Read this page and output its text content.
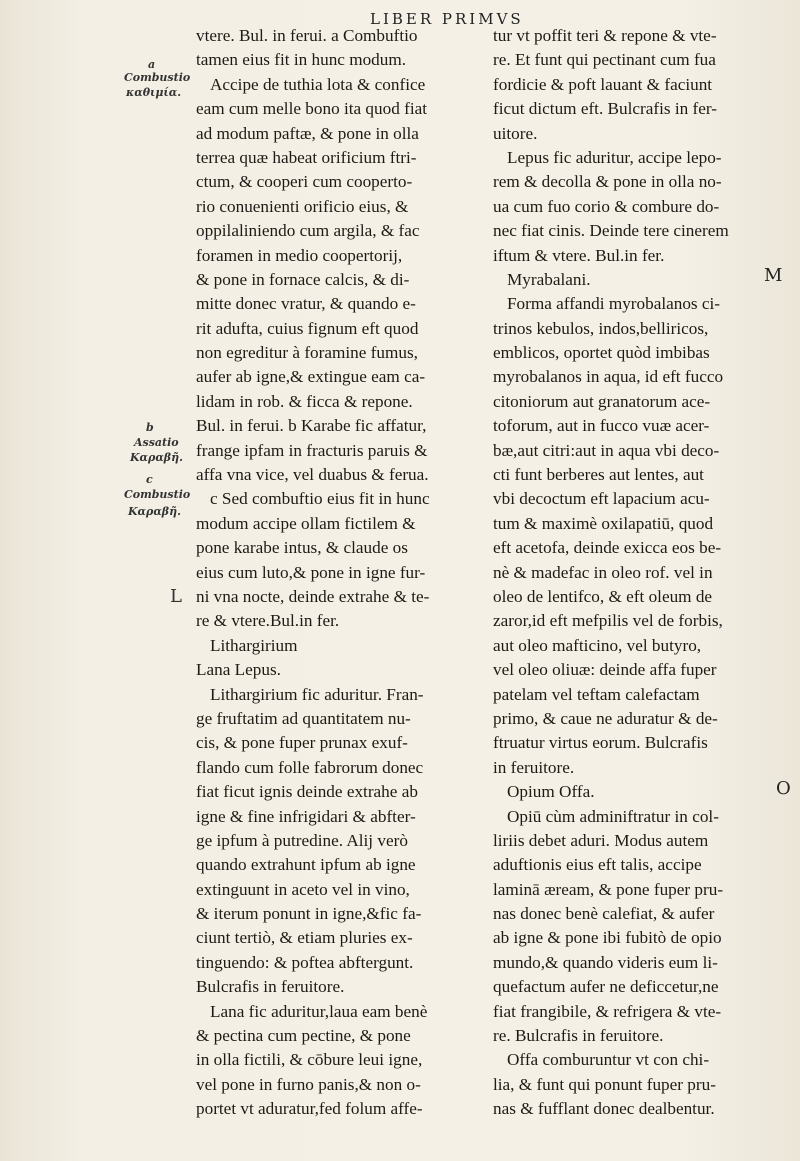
LIBER PRIMVS
a
Combustio
καθιμία.
b
Assatio
Καραβῆ.
c
Combustio
Καραβῆ.
L
M
O
vtere. Bul. in ferui. a Combuftio
tamen eius fit in hunc modum.
Accipe de tuthia lota & confice
eam cum melle bono ita quod fiat
ad modum paftæ, & pone in olla
terrea quæ habeat orificium ftri-
ctum, & cooperi cum cooperto-
rio conuenienti orificio eius, &
oppilaliniendo cum argila, & fac
foramen in medio coopertorij,
& pone in fornace calcis, & di-
mitte donec vratur, & quando e-
rit adufta, cuius fignum eft quod
non egreditur à foramine fumus,
aufer ab igne,& extingue eam ca-
lidam in rob. & ficca & repone.
Bul. in ferui. b Karabe fic affatur,
frange ipfam in fracturis paruis &
affa vna vice, vel duabus & ferua.
c Sed combuftio eius fit in hunc
modum accipe ollam fictilem &
pone karabe intus, & claude os
eius cum luto,& pone in igne fur-
ni vna nocte, deinde extrahe & te-
re & vtere.Bul.in fer.
Lithargirium
Lana Lepus.
Lithargirium fic aduritur. Fran-
ge fruftatim ad quantitatem nu-
cis, & pone fuper prunax exuf-
flando cum folle fabrorum donec
fiat ficut ignis deinde extrahe ab
igne & fine infrigidari & abfter-
ge ipfum à putredine. Alij verò
quando extrahunt ipfum ab igne
extinguunt in aceto vel in vino,
& iterum ponunt in igne,&fic fa-
ciunt tertiò, & etiam pluries ex-
tinguendo: & poftea abftergunt.
Bulcrafis in feruitore.
Lana fic aduritur,laua eam benè
& pectina cum pectine, & pone
in olla fictili, & cōbure leui igne,
vel pone in furno panis,& non o-
portet vt aduratur,fed folum affe-
tur vt poffit teri & repone & vte-
re. Et funt qui pectinant cum fua
fordicie & poft lauant & faciunt
ficut dictum eft. Bulcrafis in fer-
uitore.
Lepus fic aduritur, accipe lepo-
rem & decolla & pone in olla no-
ua cum fuo corio & combure do-
nec fiat cinis. Deinde tere cinerem
iftum & vtere. Bul.in fer.
Myrabalani.
Forma affandi myrobalanos ci-
trinos kebulos, indos,belliricos,
emblicos, oportet quòd imbibas
myrobalanos in aqua, id eft fucco
citoniorum aut granatorum ace-
toforum, aut in fucco vuæ acer-
bæ,aut citri:aut in aqua vbi deco-
cti funt berberes aut lentes, aut
vbi decoctum eft lapacium acu-
tum & maximè oxilapatiū, quod
eft acetofa, deinde exicca eos be-
nè & madefac in oleo rof. vel in
oleo de lentifco, & eft oleum de
zaror,id eft mefpilis vel de forbis,
aut oleo mafticino, vel butyro,
vel oleo oliuæ: deinde affa fuper
patelam vel teftam calefactam
primo, & caue ne aduratur & de-
ftruatur virtus eorum. Bulcrafis
in feruitore.
Opium Offa.
Opiū cùm adminiftratur in col-
liriis debet aduri. Modus autem
aduftionis eius eft talis, accipe
laminā æream, & pone fuper pru-
nas donec benè calefiat, & aufer
ab igne & pone ibi fubitò de opio
mundo,& quando videris eum li-
quefactum aufer ne deficcetur,ne
fiat frangibile, & refrigera & vte-
re. Bulcrafis in feruitore.
Offa comburuntur vt con chi-
lia, & funt qui ponunt fuper pru-
nas & fufflant donec dealbentur.
